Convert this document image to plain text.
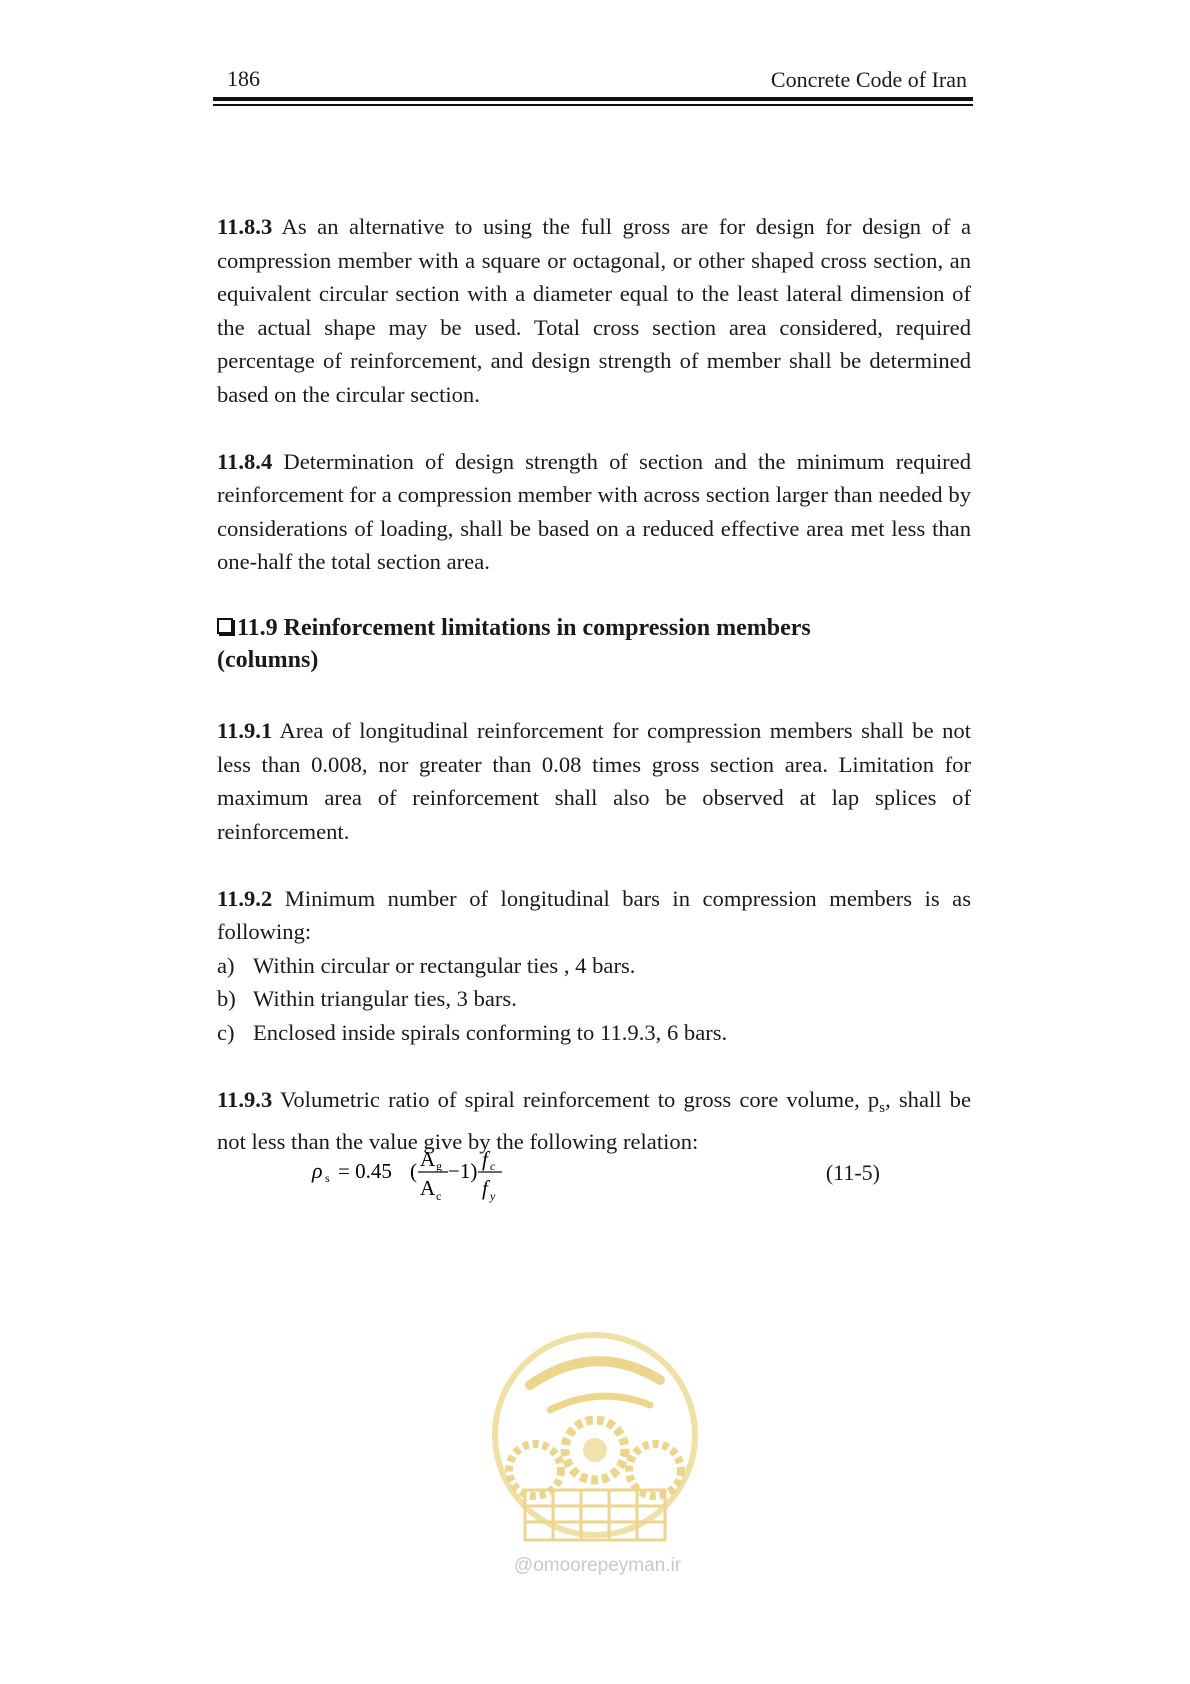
186	Concrete Code of Iran

11.8.3 As an alternative to using the full gross are for design for design of a compression member with a square or octagonal, or other shaped cross section, an equivalent circular section with a diameter equal to the least lateral dimension of the actual shape may be used. Total cross section area considered, required percentage of reinforcement, and design strength of member shall be determined based on the circular section.

11.8.4 Determination of design strength of section and the minimum required reinforcement for a compression member with across section larger than needed by considerations of loading, shall be based on a reduced effective area met less than one-half the total section area.

11.9 Reinforcement limitations in compression members
(columns)

11.9.1 Area of longitudinal reinforcement for compression members shall be not less than 0.008, nor greater than 0.08 times gross section area. Limitation for maximum area of reinforcement shall also be observed at lap splices of reinforcement.

11.9.2 Minimum number of longitudinal bars in compression members is as following:

a) Within circular or rectangular ties , 4 bars.
b) Within triangular ties, 3 bars.
c) Enclosed inside spirals conforming to 11.9.3, 6 bars.

11.9.3 Volumetric ratio of spiral reinforcement to gross core volume, $p_s$, shall be not less than the value give by the following relation:

ρ s = 0.45 ( A g
A c
−1) f c
f y
(11-5)
@omoorepeyman.ir
